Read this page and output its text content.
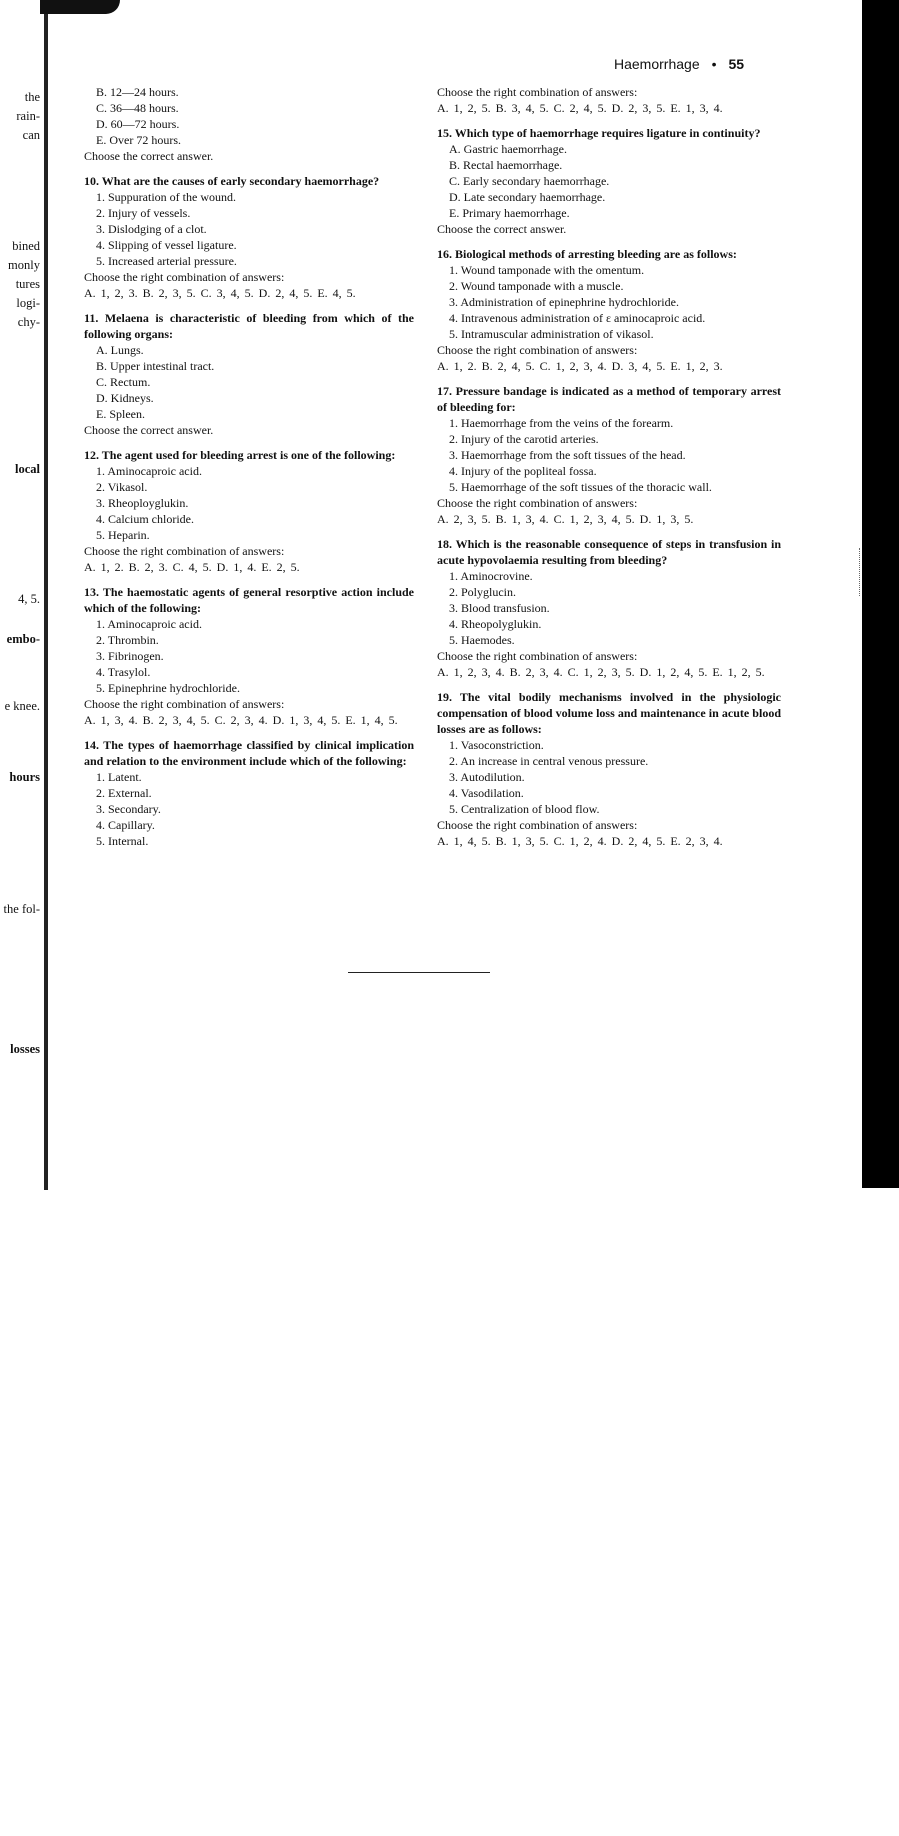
the
rain-
can
bined
monly
tures
logi-
chy-
local
4, 5.
embo-
e knee.
hours
the fol-
losses
Haemorrhage • 55
B. 12—24 hours.
C. 36—48 hours.
D. 60—72 hours.
E. Over 72 hours.
Choose the correct answer.
10. What are the causes of early secondary haemorrhage?
1. Suppuration of the wound.
2. Injury of vessels.
3. Dislodging of a clot.
4. Slipping of vessel ligature.
5. Increased arterial pressure.
Choose the right combination of answers:
A. 1, 2, 3. B. 2, 3, 5. C. 3, 4, 5. D. 2, 4, 5. E. 4, 5.
11. Melaena is characteristic of bleeding from which of the following organs:
A. Lungs.
B. Upper intestinal tract.
C. Rectum.
D. Kidneys.
E. Spleen.
Choose the correct answer.
12. The agent used for bleeding arrest is one of the following:
1. Aminocaproic acid.
2. Vikasol.
3. Rheoployglukin.
4. Calcium chloride.
5. Heparin.
Choose the right combination of answers:
A. 1, 2. B. 2, 3. C. 4, 5. D. 1, 4. E. 2, 5.
13. The haemostatic agents of general resorptive action include which of the following:
1. Aminocaproic acid.
2. Thrombin.
3. Fibrinogen.
4. Trasylol.
5. Epinephrine hydrochloride.
Choose the right combination of answers:
A. 1, 3, 4. B. 2, 3, 4, 5. C. 2, 3, 4. D. 1, 3, 4, 5. E. 1, 4, 5.
14. The types of haemorrhage classified by clinical implication and relation to the environment include which of the following:
1. Latent.
2. External.
3. Secondary.
4. Capillary.
5. Internal.
Choose the right combination of answers:
A. 1, 2, 5. B. 3, 4, 5. C. 2, 4, 5. D. 2, 3, 5. E. 1, 3, 4.
15. Which type of haemorrhage requires ligature in continuity?
A. Gastric haemorrhage.
B. Rectal haemorrhage.
C. Early secondary haemorrhage.
D. Late secondary haemorrhage.
E. Primary haemorrhage.
Choose the correct answer.
16. Biological methods of arresting bleeding are as follows:
1. Wound tamponade with the omentum.
2. Wound tamponade with a muscle.
3. Administration of epinephrine hydrochloride.
4. Intravenous administration of ε aminocaproic acid.
5. Intramuscular administration of vikasol.
Choose the right combination of answers:
A. 1, 2. B. 2, 4, 5. C. 1, 2, 3, 4. D. 3, 4, 5. E. 1, 2, 3.
17. Pressure bandage is indicated as a method of temporary arrest of bleeding for:
1. Haemorrhage from the veins of the forearm.
2. Injury of the carotid arteries.
3. Haemorrhage from the soft tissues of the head.
4. Injury of the popliteal fossa.
5. Haemorrhage of the soft tissues of the thoracic wall.
Choose the right combination of answers:
A. 2, 3, 5. B. 1, 3, 4. C. 1, 2, 3, 4, 5. D. 1, 3, 5.
18. Which is the reasonable consequence of steps in transfusion in acute hypovolaemia resulting from bleeding?
1. Aminocrovine.
2. Polyglucin.
3. Blood transfusion.
4. Rheopolyglukin.
5. Haemodes.
Choose the right combination of answers:
A. 1, 2, 3, 4. B. 2, 3, 4. C. 1, 2, 3, 5. D. 1, 2, 4, 5. E. 1, 2, 5.
19. The vital bodily mechanisms involved in the physiologic compensation of blood volume loss and maintenance in acute blood losses are as follows:
1. Vasoconstriction.
2. An increase in central venous pressure.
3. Autodilution.
4. Vasodilation.
5. Centralization of blood flow.
Choose the right combination of answers:
A. 1, 4, 5. B. 1, 3, 5. C. 1, 2, 4. D. 2, 4, 5. E. 2, 3, 4.
